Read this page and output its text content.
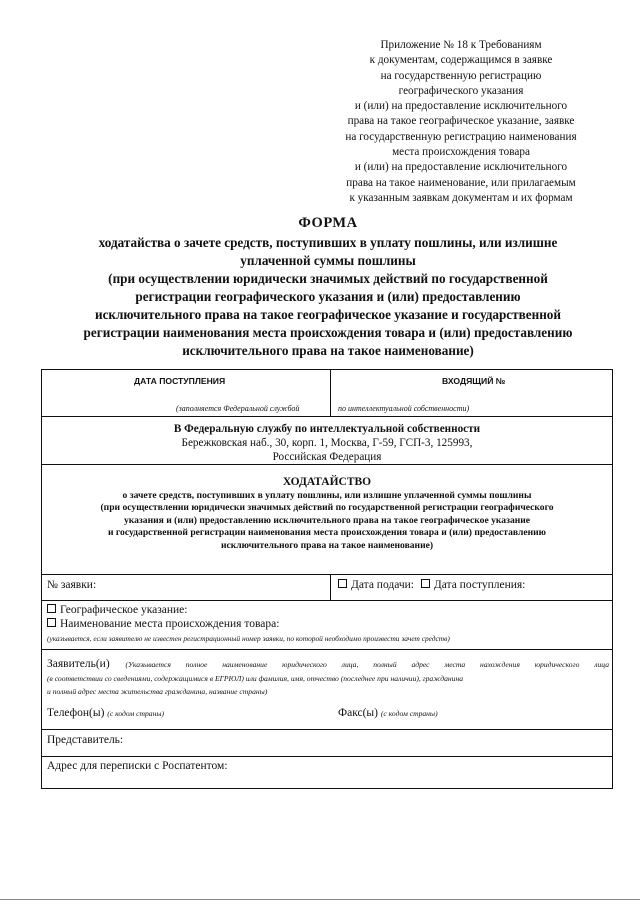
Приложение № 18 к Требованиям
к документам, содержащимся в заявке
на государственную регистрацию
географического указания
и (или) на предоставление исключительного
права на такое географическое указание, заявке
на государственную регистрацию наименования
места происхождения товара
и (или) на предоставление исключительного
права на такое наименование, или прилагаемым
к указанным заявкам документам и их формам
ФОРМА
ходатайства о зачете средств, поступивших в уплату пошлины, или излишне
уплаченной суммы пошлины
(при осуществлении юридически значимых действий по государственной
регистрации географического указания и (или) предоставлению
исключительного права на такое географическое указание и государственной
регистрации наименования места происхождения товара и (или) предоставлению
исключительного права на такое наименование)
ДАТА ПОСТУПЛЕНИЯ	ВХОДЯЩИЙ №
(заполняется Федеральной службой	по интеллектуальной собственности)
В Федеральную службу по интеллектуальной собственности
Бережковская наб., 30, корп. 1, Москва, Г-59, ГСП-3, 125993,
Российская Федерация
ХОДАТАЙСТВО
о зачете средств, поступивших в уплату пошлины, или излишне уплаченной суммы пошлины
(при осуществлении юридически значимых действий по государственной регистрации географического
указания и (или) предоставлению исключительного права на такое географическое указание
и государственной регистрации наименования места происхождения товара и (или) предоставлению
исключительного права на такое наименование)
№ заявки:	Дата подачи: Дата поступления:
Географическое указание:
Наименование места происхождения товара:
(указывается, если заявителю не известен регистрационный номер заявки, по которой необходимо произвести зачет средств)
Заявитель(и) (Указывается полное наименование юридического лица, полный адрес места нахождения юридического лица
(в соответствии со сведениями, содержащимися в ЕГРЮЛ) или фамилия, имя, отчество (последнее при наличии), гражданина
и полный адрес места жительства гражданина, название страны)
Телефон(ы) (с кодом страны)	Факс(ы) (с кодом страны)
Представитель:
Адрес для переписки с Роспатентом:
